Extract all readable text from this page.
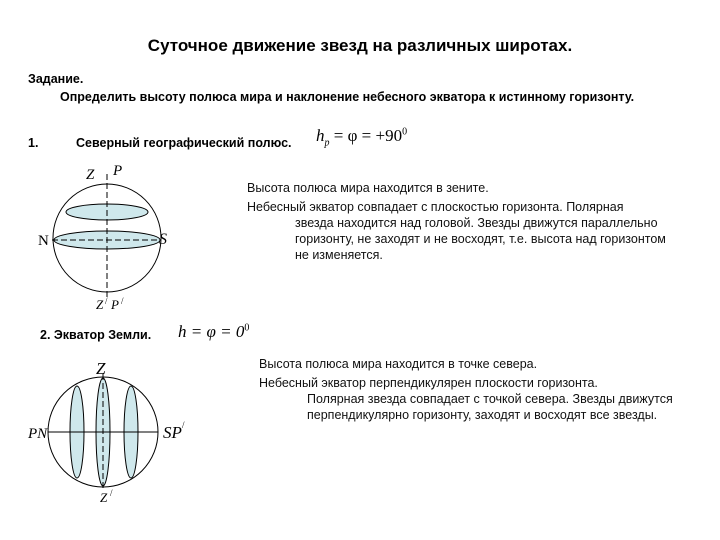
Суточное движение звезд на различных широтах.
Задание.
Определить высоту полюса мира и наклонение небесного экватора к истинному горизонту.
1.	Северный географический полюс. $h_p = \varphi = +90^0$
Z P
N	S
Z / P /
Высота полюса мира находится в зените.
Небесный экватор совпадает с плоскостью горизонта. Полярная
звезда находится над головой. Звезды движутся параллельно горизонту, не заходят и не восходят, т.е. высота над горизонтом не изменяется.
2. Экватор Земли. $h = \varphi = 0^0$
Z
PN	SP /
Z /
Высота полюса мира находится в точке севера.
Небесный экватор перпендикулярен плоскости горизонта.
Полярная звезда совпадает с точкой севера. Звезды движутся перпендикулярно горизонту, заходят и восходят все звезды.
